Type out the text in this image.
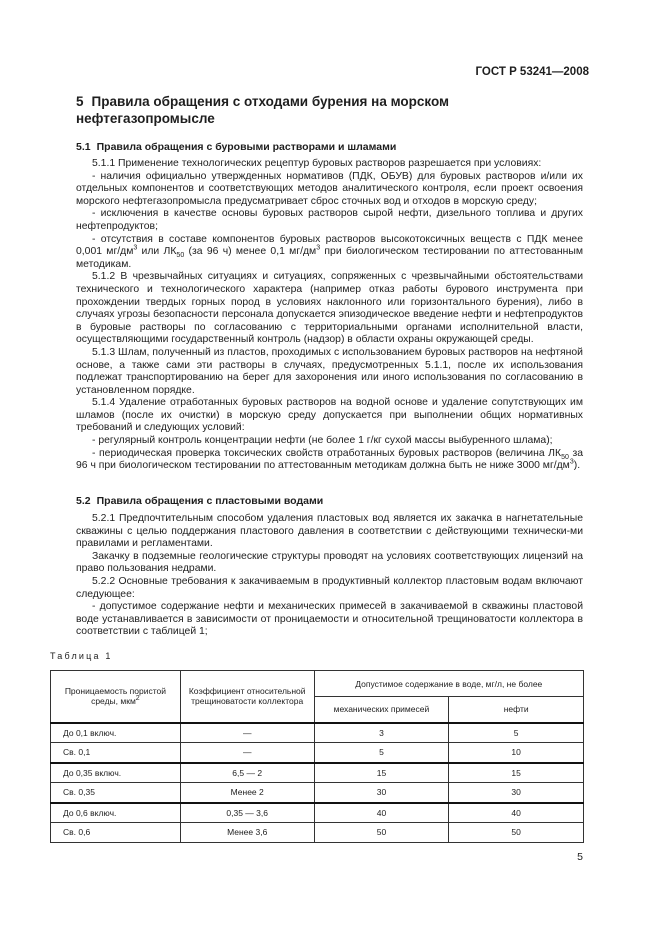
ГОСТ Р 53241—2008
5 Правила обращения с отходами бурения на морском нефтегазопромысле
5.1 Правила обращения с буровыми растворами и шламами

5.1.1 Применение технологических рецептур буровых растворов разрешается при условиях:

- наличия официально утвержденных нормативов (ПДК, ОБУВ) для буровых растворов и/или их отдельных компонентов и соответствующих методов аналитического контроля, если проект освоения морского нефтегазопромысла предусматривает сброс сточных вод и отходов в морскую среду;

- исключения в качестве основы буровых растворов сырой нефти, дизельного топлива и других нефтепродуктов;

- отсутствия в составе компонентов буровых растворов высокотоксичных веществ с ПДК менее 0,001 $мг/дм^3$ или $ЛК_{50}$ (за 96 ч) менее 0,1 $мг/дм^3$ при биологическом тестировании по аттестованным методикам.

5.1.2 В чрезвычайных ситуациях и ситуациях, сопряженных с чрезвычайными обстоятельствами технического и технологического характера (например отказ работы бурового инструмента при прохождении твердых горных пород в условиях наклонного или горизонтального бурения), либо в случаях угрозы безопасности персонала допускается эпизодическое введение нефти и нефтепродуктов в буровые растворы по согласованию с территориальными органами исполнительной власти, осуществляющими государственный контроль (надзор) в области охраны окружающей среды.

5.1.3 Шлам, полученный из пластов, проходимых с использованием буровых растворов на нефтяной основе, а также сами эти растворы в случаях, предусмотренных 5.1.1, после их использования подлежат транспортированию на берег для захоронения или иного использования по согласованию в установленном порядке.

5.1.4 Удаление отработанных буровых растворов на водной основе и удаление сопутствующих им шламов (после их очистки) в морскую среду допускается при выполнении общих нормативных требований и следующих условий:

- регулярный контроль концентрации нефти (не более 1 г/кг сухой массы выбуренного шлама);

- периодическая проверка токсических свойств отработанных буровых растворов (величина $ЛК_{50}$ за 96 ч при биологическом тестировании по аттестованным методикам должна быть не ниже 3000 $мг/дм^3$).

5.2 Правила обращения с пластовыми водами

5.2.1 Предпочтительным способом удаления пластовых вод является их закачка в нагнетательные скважины с целью поддержания пластового давления в соответствии с действующими технически-ми правилами и регламентами.

Закачку в подземные геологические структуры проводят на условиях соответствующих лицензий на право пользования недрами.

5.2.2 Основные требования к закачиваемым в продуктивный коллектор пластовым водам включают следующее:

- допустимое содержание нефти и механических примесей в закачиваемой в скважины пластовой воде устанавливается в зависимости от проницаемости и относительной трещиноватости коллектора в соответствии с таблицей 1;

Таблица 1
Проницаемость пористой среды, мкм$^2$	Коэффициент относительной трещиноватости коллектора	Допустимое содержание в воде, мг/л, не более	
		механических примесей	нефти
До 0,1 включ.	—	3	5
Св. 0,1	—	5	10
До 0,35 включ.	6,5 — 2	15	15
Св. 0,35	Менее 2	30	30
До 0,6 включ.	0,35 — 3,6	40	40
Св. 0,6	Менее 3,6	50	50
5
